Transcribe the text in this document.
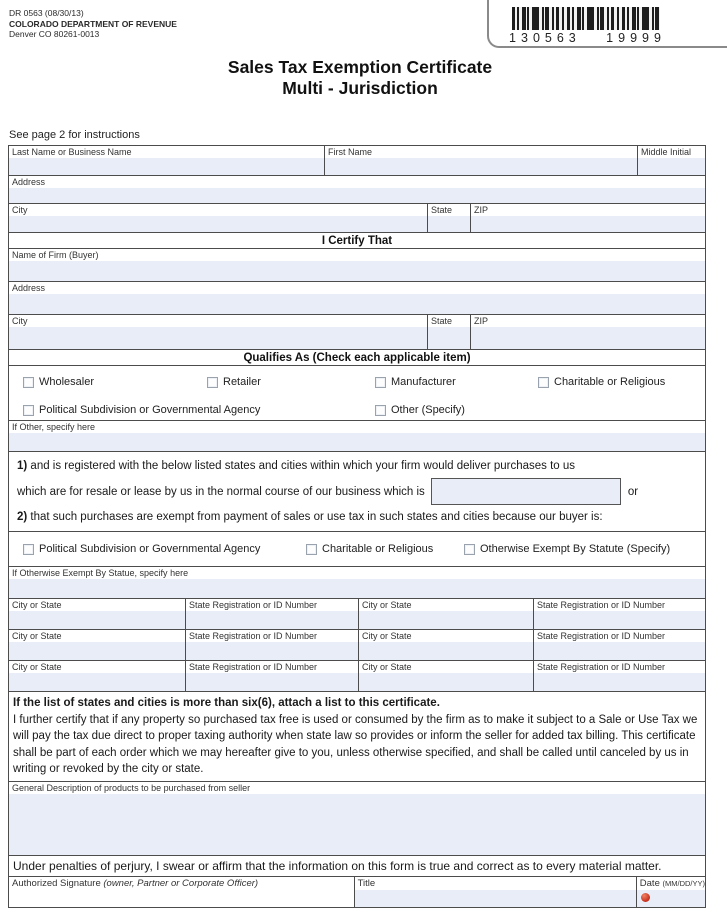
DR 0563 (08/30/13)
COLORADO DEPARTMENT OF REVENUE
Denver CO 80261-0013	130563   19999
Sales Tax Exemption Certificate
Multi - Jurisdiction
See page 2 for instructions
Last Name or Business Name	First Name	Middle Initial
Address
City	State	ZIP
I Certify That
Name of Firm (Buyer)
Address
City	State	ZIP
Qualifies As (Check each applicable item)
Wholesaler	Retailer	Manufacturer	Charitable or Religious
Political Subdivision or Governmental Agency	Other (Specify)
If Other, specify here
1) and is registered with the below listed states and cities within which your firm would deliver purchases to us
which are for resale or lease by us in the normal course of our business which is	or
2) that such purchases are exempt from payment of sales or use tax in such states and cities because our buyer is:
Political Subdivision or Governmental Agency	Charitable or Religious	Otherwise Exempt By Statute (Specify)
If Otherwise Exempt By Statue, specify here
City or State	State Registration or ID Number	City or State	State Registration or ID Number
City or State	State Registration or ID Number	City or State	State Registration or ID Number
City or State	State Registration or ID Number	City or State	State Registration or ID Number
If the list of states and cities is more than six(6), attach a list to this certificate.
I further certify that if any property so purchased tax free is used or consumed by the firm as to make it subject to a Sale or Use Tax we will pay the tax due direct to proper taxing authority when state law so provides or inform the seller for added tax billing. This certificate shall be part of each order which we may hereafter give to you, unless otherwise specified, and shall be called until canceled by us in writing or revoked by the city or state.
General Description of products to be purchased from seller
Under penalties of perjury, I swear or affirm that the information on this form is true and correct as to every material matter.
Authorized Signature (owner, Partner or Corporate Officer)	Title	Date (MM/DD/YY)
